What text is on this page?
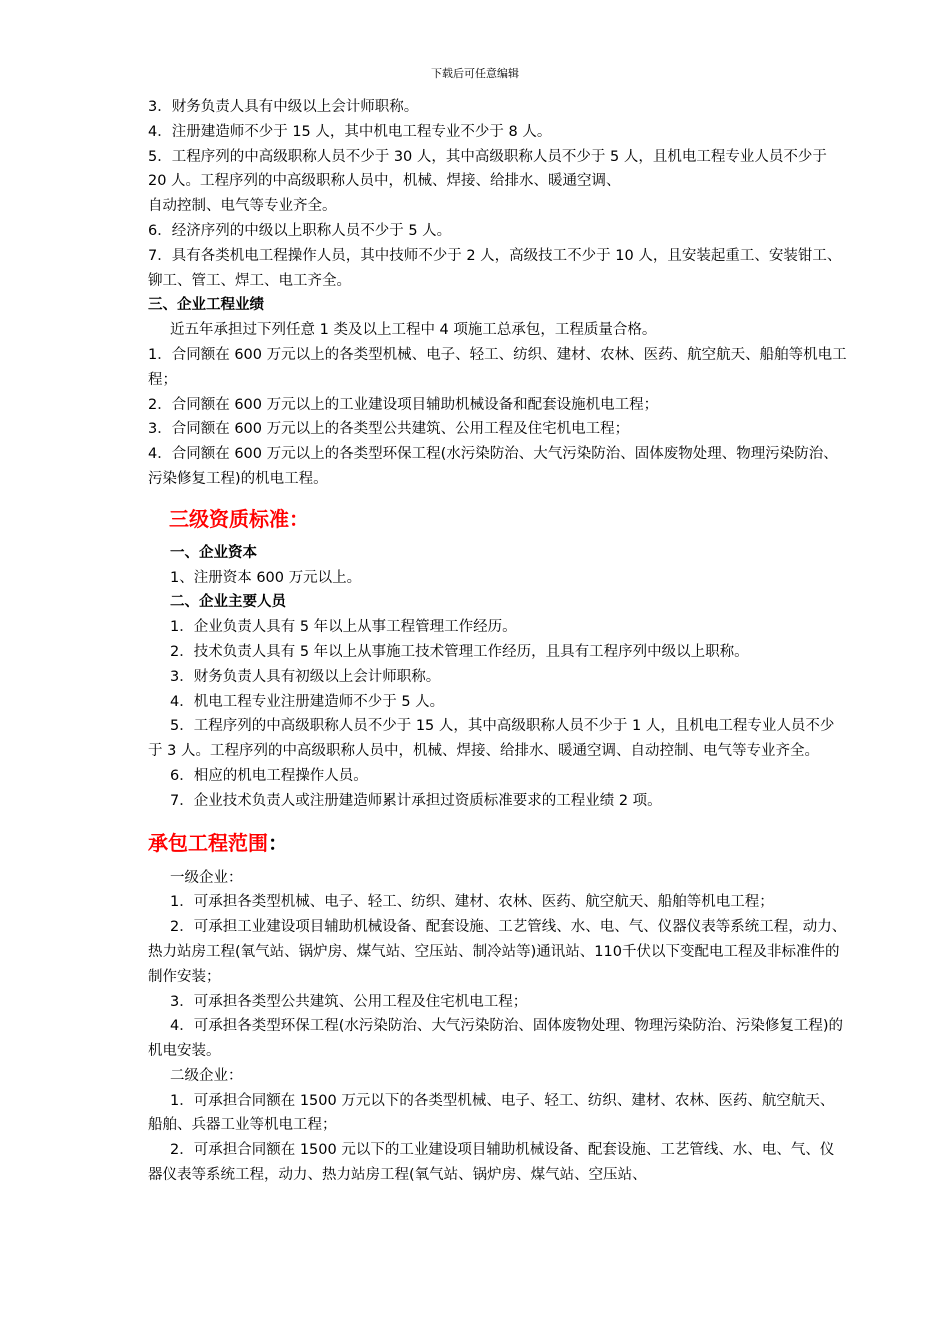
下载后可任意编辑

3．财务负责人具有中级以上会计师职称。

4．注册建造师不少于 15 人，其中机电工程专业不少于 8 人。

5．工程序列的中高级职称人员不少于 30 人，其中高级职称人员不少于 5 人，且机电工程专业人员不少于 20 人。工程序列的中高级职称人员中，机械、焊接、给排水、暖通空调、

自动控制、电气等专业齐全。

6．经济序列的中级以上职称人员不少于 5 人。

7．具有各类机电工程操作人员，其中技师不少于 2 人，高级技工不少于 10 人，且安装起重工、安装钳工、铆工、管工、焊工、电工齐全。

三、企业工程业绩

近五年承担过下列任意 1 类及以上工程中 4 项施工总承包，工程质量合格。

1．合同额在 600 万元以上的各类型机械、电子、轻工、纺织、建材、农林、医药、航空航天、船舶等机电工程；

2．合同额在 600 万元以上的工业建设项目辅助机械设备和配套设施机电工程；

3．合同额在 600 万元以上的各类型公共建筑、公用工程及住宅机电工程；

4．合同额在 600 万元以上的各类型环保工程(水污染防治、大气污染防治、固体废物处理、物理污染防治、污染修复工程)的机电工程。

三级资质标准：

一、企业资本

1、注册资本 600 万元以上。

二、企业主要人员

1．企业负责人具有 5 年以上从事工程管理工作经历。

2．技术负责人具有 5 年以上从事施工技术管理工作经历，且具有工程序列中级以上职称。

3．财务负责人具有初级以上会计师职称。

4．机电工程专业注册建造师不少于 5 人。

5．工程序列的中高级职称人员不少于 15 人，其中高级职称人员不少于 1 人，且机电工程专业人员不少于 3 人。工程序列的中高级职称人员中，机械、焊接、给排水、暖通空调、自动控制、电气等专业齐全。

6．相应的机电工程操作人员。

7．企业技术负责人或注册建造师累计承担过资质标准要求的工程业绩 2 项。

承包工程范围：

一级企业：

1．可承担各类型机械、电子、轻工、纺织、建材、农林、医药、航空航天、船舶等机电工程；

2．可承担工业建设项目辅助机械设备、配套设施、工艺管线、水、电、气、仪器仪表等系统工程，动力、热力站房工程(氧气站、锅炉房、煤气站、空压站、制冷站等)通讯站、110千伏以下变配电工程及非标准件的制作安装；

3．可承担各类型公共建筑、公用工程及住宅机电工程；

4．可承担各类型环保工程(水污染防治、大气污染防治、固体废物处理、物理污染防治、污染修复工程)的机电安装。

二级企业：

1．可承担合同额在 1500 万元以下的各类型机械、电子、轻工、纺织、建材、农林、医药、航空航天、船舶、兵器工业等机电工程；

2．可承担合同额在 1500 元以下的工业建设项目辅助机械设备、配套设施、工艺管线、水、电、气、仪器仪表等系统工程，动力、热力站房工程(氧气站、锅炉房、煤气站、空压站、
